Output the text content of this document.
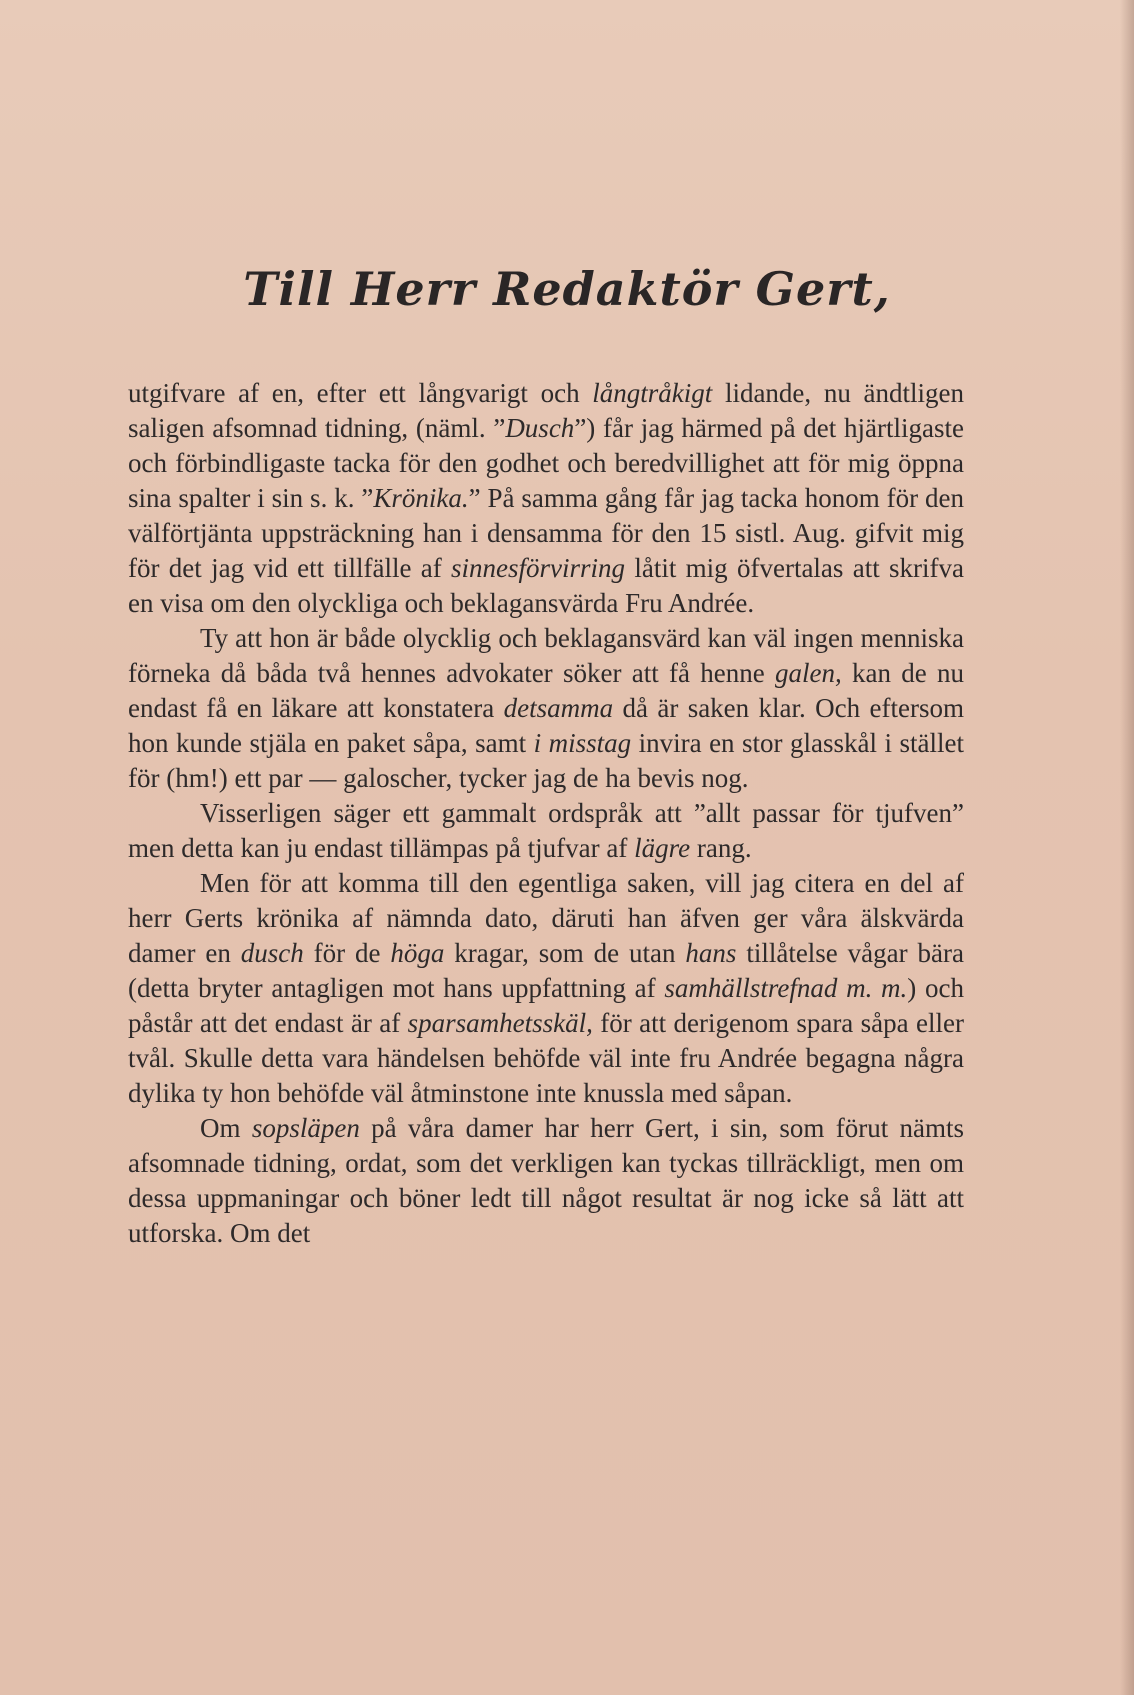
Till Herr Redaktör Gert,

utgifvare af en, efter ett långvarigt och långtråkigt lidande, nu ändtligen saligen afsomnad tidning, (näml. ”Dusch”) får jag härmed på det hjärtligaste och förbindligaste tacka för den godhet och beredvillighet att för mig öppna sina spalter i sin s. k. ”Krönika.” På samma gång får jag tacka honom för den välförtjänta uppsträckning han i densamma för den 15 sistl. Aug. gifvit mig för det jag vid ett tillfälle af sinnesförvirring låtit mig öfvertalas att skrifva en visa om den olyckliga och beklagansvärda Fru Andrée.

Ty att hon är både olycklig och beklagansvärd kan väl ingen menniska förneka då båda två hennes advokater söker att få henne galen, kan de nu endast få en läkare att konstatera detsamma då är saken klar. Och eftersom hon kunde stjäla en paket såpa, samt i misstag invira en stor glasskål i stället för (hm!) ett par — galoscher, tycker jag de ha bevis nog.

Visserligen säger ett gammalt ordspråk att ”allt passar för tjufven” men detta kan ju endast tillämpas på tjufvar af lägre rang.

Men för att komma till den egentliga saken, vill jag citera en del af herr Gerts krönika af nämnda dato, däruti han äfven ger våra älskvärda damer en dusch för de höga kragar, som de utan hans tillåtelse vågar bära (detta bryter antagligen mot hans uppfattning af samhällstrefnad m. m.) och påstår att det endast är af sparsamhetsskäl, för att derigenom spara såpa eller tvål. Skulle detta vara händelsen behöfde väl inte fru Andrée begagna några dylika ty hon behöfde väl åtminstone inte knussla med såpan.

Om sopsläpen på våra damer har herr Gert, i sin, som förut nämts afsomnade tidning, ordat, som det verkligen kan tyckas tillräckligt, men om dessa uppmaningar och böner ledt till något resultat är nog icke så lätt att utforska. Om det
